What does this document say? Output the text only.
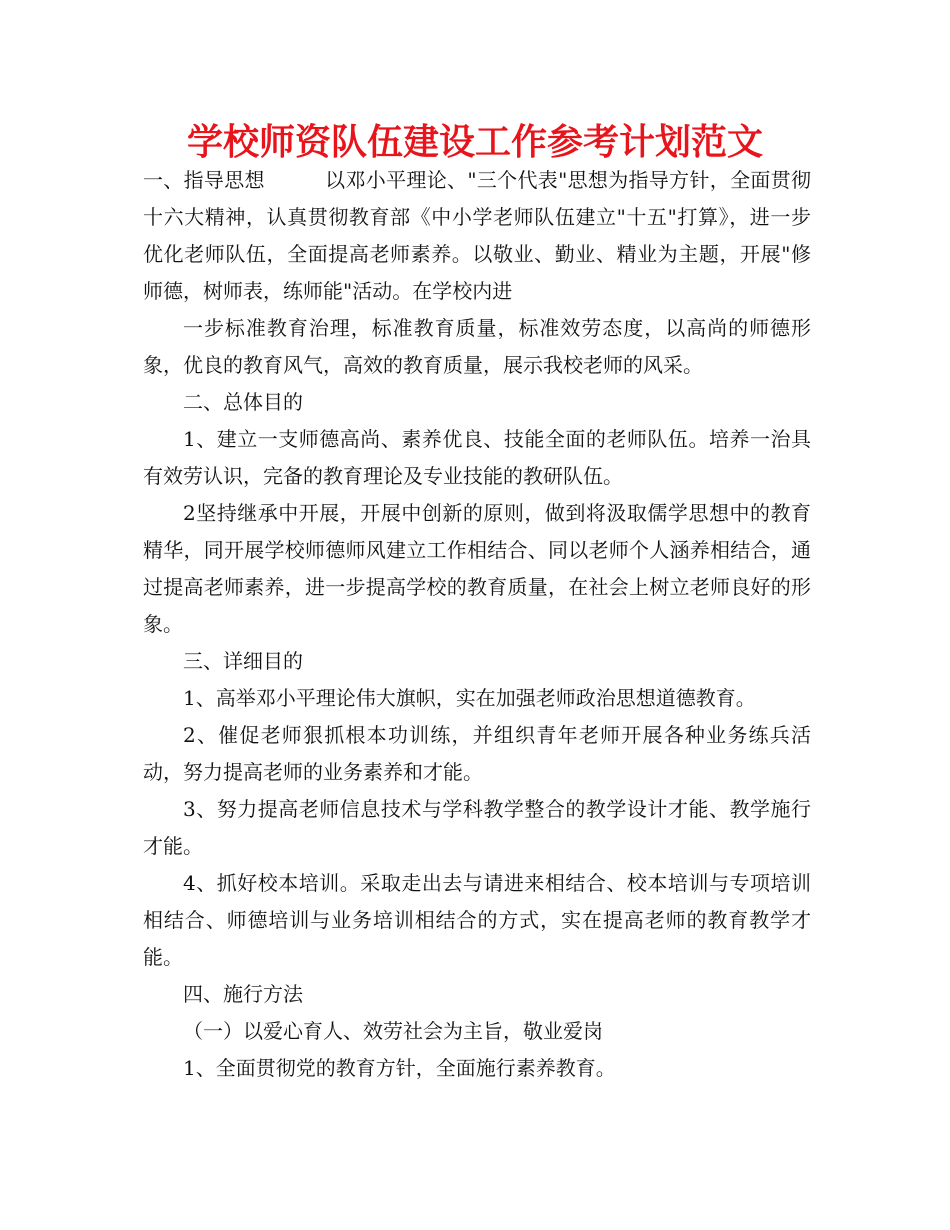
学校师资队伍建设工作参考计划范文

一、指导思想	以邓小平理论、"三个代表"思想为指导方针，全面贯彻十六大精神，认真贯彻教育部《中小学老师队伍建立"十五"打算》，进一步优化老师队伍，全面提高老师素养。以敬业、勤业、精业为主题，开展"修师德，树师表，练师能"活动。在学校内进

一步标准教育治理，标准教育质量，标准效劳态度，以高尚的师德形象，优良的教育风气，高效的教育质量，展示我校老师的风采。

二、总体目的

1、建立一支师德高尚、素养优良、技能全面的老师队伍。培养一治具有效劳认识，完备的教育理论及专业技能的教研队伍。

2坚持继承中开展，开展中创新的原则，做到将汲取儒学思想中的教育精华，同开展学校师德师风建立工作相结合、同以老师个人涵养相结合，通过提高老师素养，进一步提高学校的教育质量，在社会上树立老师良好的形象。

三、详细目的

1、高举邓小平理论伟大旗帜，实在加强老师政治思想道德教育。

2、催促老师狠抓根本功训练，并组织青年老师开展各种业务练兵活动，努力提高老师的业务素养和才能。

3、努力提高老师信息技术与学科教学整合的教学设计才能、教学施行才能。

4、抓好校本培训。采取走出去与请进来相结合、校本培训与专项培训相结合、师德培训与业务培训相结合的方式，实在提高老师的教育教学才能。

四、施行方法

（一）以爱心育人、效劳社会为主旨，敬业爱岗

1、全面贯彻党的教育方针，全面施行素养教育。
